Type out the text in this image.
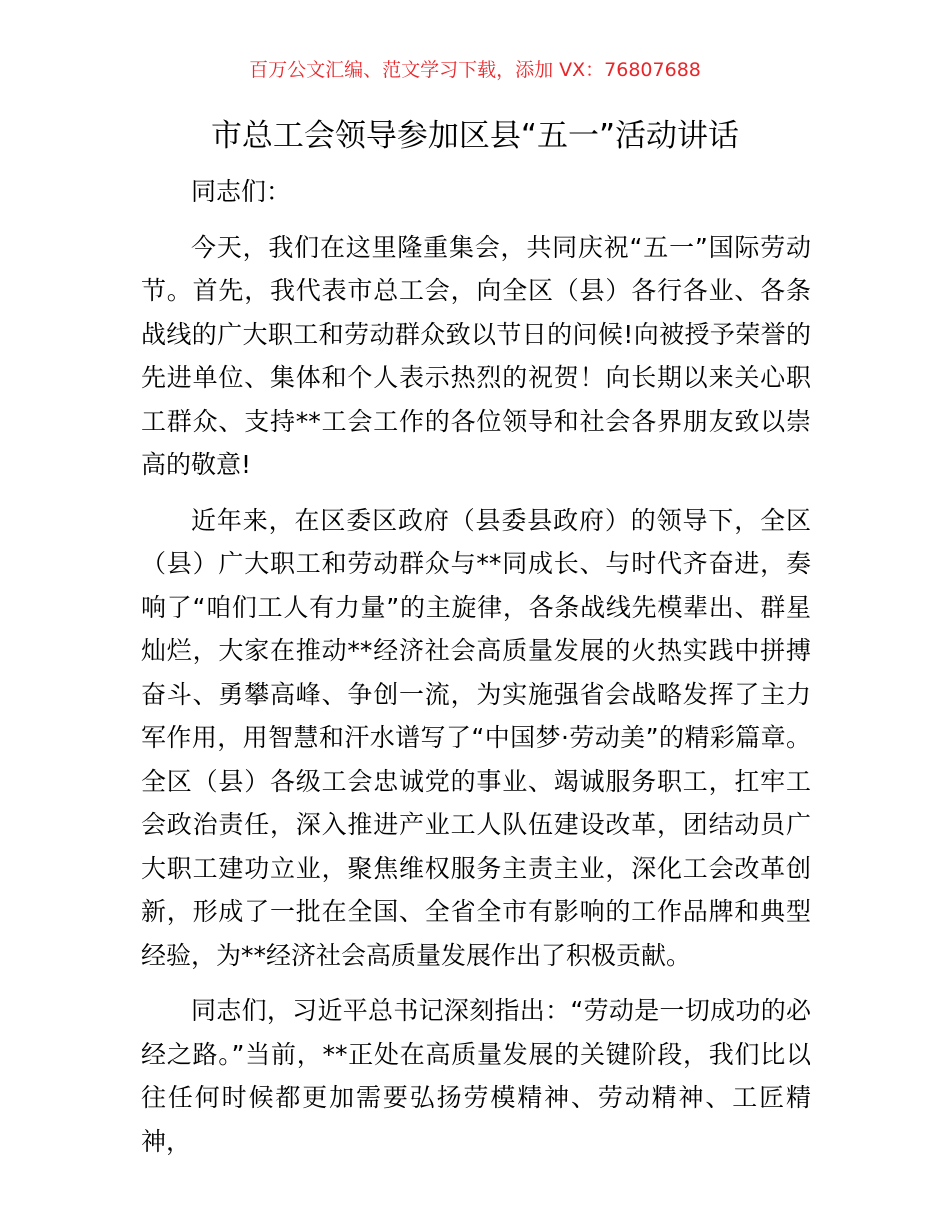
百万公文汇编、范文学习下载，添加 VX：76807688
市总工会领导参加区县“五一”活动讲话

同志们：

今天，我们在这里隆重集会，共同庆祝“五一”国际劳动节。首先，我代表市总工会，向全区（县）各行各业、各条战线的广大职工和劳动群众致以节日的问候!向被授予荣誉的先进单位、集体和个人表示热烈的祝贺！向长期以来关心职工群众、支持**工会工作的各位领导和社会各界朋友致以崇高的敬意!

近年来，在区委区政府（县委县政府）的领导下，全区（县）广大职工和劳动群众与**同成长、与时代齐奋进，奏响了“咱们工人有力量”的主旋律，各条战线先模辈出、群星灿烂，大家在推动**经济社会高质量发展的火热实践中拼搏奋斗、勇攀高峰、争创一流，为实施强省会战略发挥了主力军作用，用智慧和汗水谱写了“中国梦·劳动美”的精彩篇章。全区（县）各级工会忠诚党的事业、竭诚服务职工，扛牢工会政治责任，深入推进产业工人队伍建设改革，团结动员广大职工建功立业，聚焦维权服务主责主业，深化工会改革创新，形成了一批在全国、全省全市有影响的工作品牌和典型经验，为**经济社会高质量发展作出了积极贡献。

同志们，习近平总书记深刻指出：“劳动是一切成功的必经之路。”当前，**正处在高质量发展的关键阶段，我们比以往任何时候都更加需要弘扬劳模精神、劳动精神、工匠精神，
